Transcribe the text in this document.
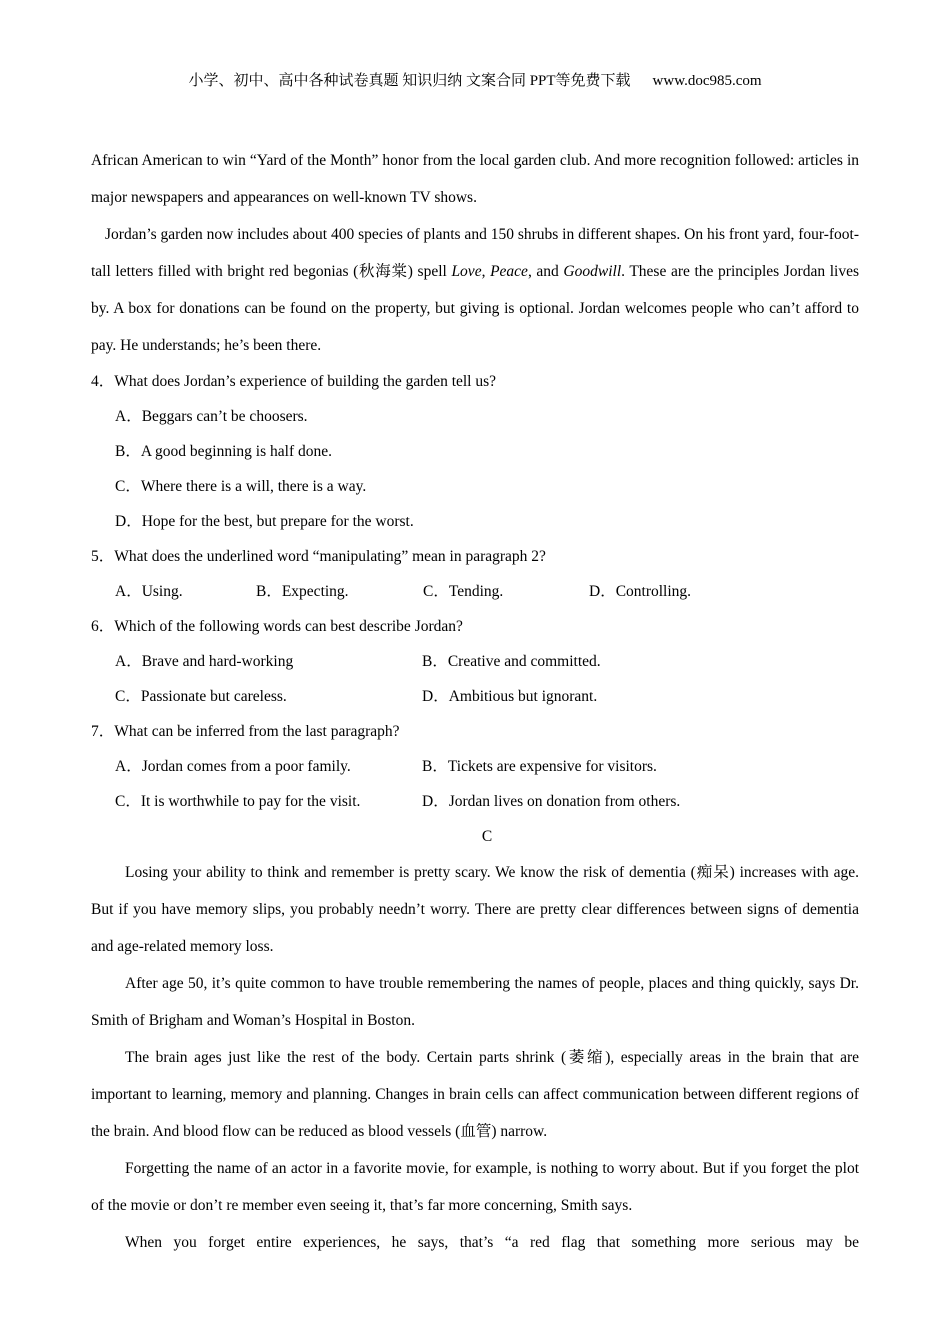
小学、初中、高中各种试卷真题 知识归纳 文案合同 PPT等免费下载 www.doc985.com

African American to win “Yard of the Month” honor from the local garden club. And more recognition followed: articles in major newspapers and appearances on well-known TV shows.

Jordan’s garden now includes about 400 species of plants and 150 shrubs in different shapes. On his front yard, four-foot-tall letters filled with bright red begonias (秋海棠) spell Love, Peace, and Goodwill. These are the principles Jordan lives by. A box for donations can be found on the property, but giving is optional. Jordan welcomes people who can’t afford to pay. He understands; he’s been there.

4．What does Jordan’s experience of building the garden tell us?

A．Beggars can’t be choosers.

B．A good beginning is half done.

C．Where there is a will, there is a way.

D．Hope for the best, but prepare for the worst.

5．What does the underlined word “manipulating” mean in paragraph 2?

A．Using.	B．Expecting.	C．Tending.	D．Controlling.

6．Which of the following words can best describe Jordan?

A．Brave and hard-working	B．Creative and committed.
C．Passionate but careless.	D．Ambitious but ignorant.

7．What can be inferred from the last paragraph?

A．Jordan comes from a poor family.	B．Tickets are expensive for visitors.
C．It is worthwhile to pay for the visit.	D．Jordan lives on donation from others.

C

Losing your ability to think and remember is pretty scary. We know the risk of dementia (痴呆) increases with age. But if you have memory slips, you probably needn’t worry. There are pretty clear differences between signs of dementia and age-related memory loss.

After age 50, it’s quite common to have trouble remembering the names of people, places and thing quickly, says Dr. Smith of Brigham and Woman’s Hospital in Boston.

The brain ages just like the rest of the body. Certain parts shrink (萎缩), especially areas in the brain that are important to learning, memory and planning. Changes in brain cells can affect communication between different regions of the brain. And blood flow can be reduced as blood vessels (血管) narrow.

Forgetting the name of an actor in a favorite movie, for example, is nothing to worry about. But if you forget the plot of the movie or don’t re member even seeing it, that’s far more concerning, Smith says.

When you forget entire experiences, he says, that’s “a red flag that something more serious may be
